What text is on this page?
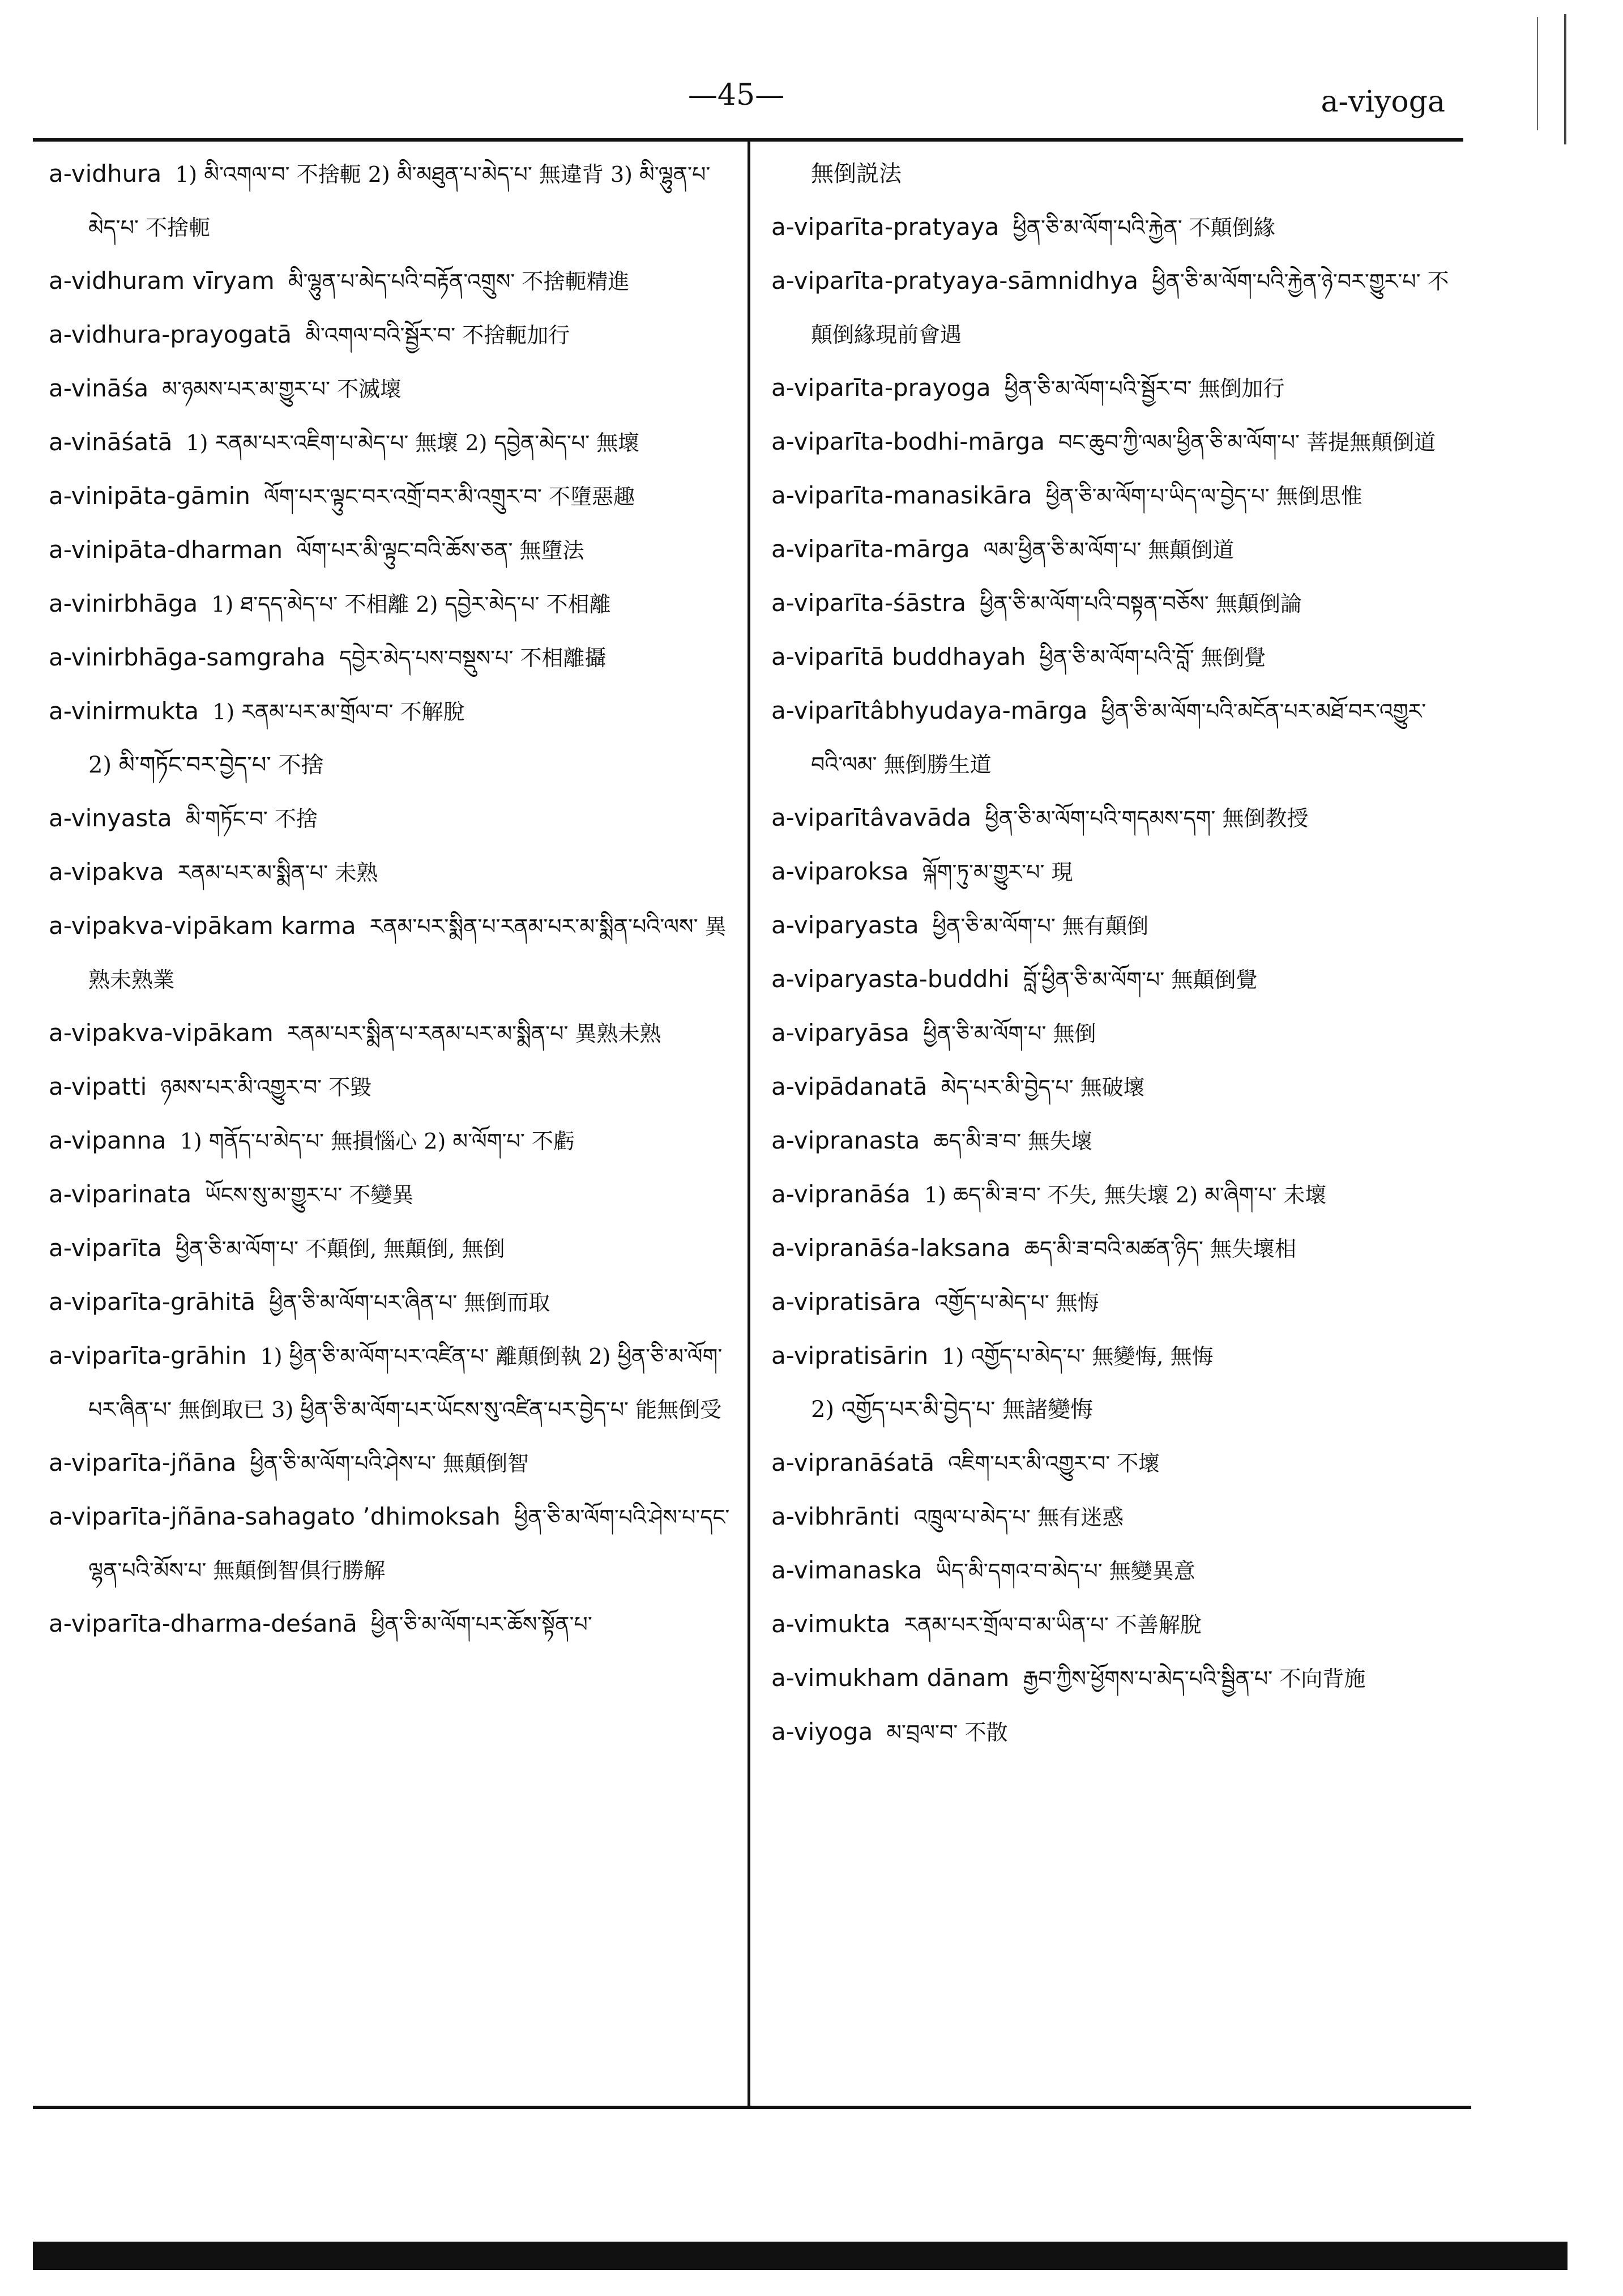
—45—	a-viyoga

a-vidhura 1) མི་འགལ་བ་ 不捨軛 2) མི་མཐུན་པ་མེད་པ་ 無違背 3) མི་ལྷུན་པ་མེད་པ་ 不捨軛

a-vidhuram vīryam མི་ལྷུན་པ་མེད་པའི་བརྟོན་འགྲུས་ 不捨軛精進

a-vidhura-prayogatā མི་འགལ་བའི་སྦྱོར་བ་ 不捨軛加行

a-vināśa མ་ཉམས་པར་མ་གྱུར་པ་ 不滅壞

a-vināśatā 1) རནམ་པར་འཇིག་པ་མེད་པ་ 無壞 2) དབྱེན་མེད་པ་ 無壞

a-vinipāta-gāmin ལོག་པར་ལྟུང་བར་འགྲོ་བར་མི་འགྲུར་བ་ 不墮惡趣

a-vinipāta-dharman ལོག་པར་མི་ལྟུང་བའི་ཆོས་ཅན་ 無墮法

a-vinirbhāga 1) ཐ་དད་མེད་པ་ 不相離 2) དབྱེར་མེད་པ་ 不相離

a-vinirbhāga-samgraha དབྱེར་མེད་པས་བསྡུས་པ་ 不相離攝

a-vinirmukta 1) རནམ་པར་མ་གྲོལ་བ་ 不解脫

2) མི་གཏོང་བར་བྱེད་པ་ 不捨

a-vinyasta མི་གཏོང་བ་ 不捨

a-vipakva རནམ་པར་མ་སྨིན་པ་ 未熟

a-vipakva-vipākam karma རནམ་པར་སྨིན་པ་རནམ་པར་མ་སྨིན་པའི་ལས་ 異熟未熟業

a-vipakva-vipākam རནམ་པར་སྨིན་པ་རནམ་པར་མ་སྨིན་པ་ 異熟未熟

a-vipatti ཉམས་པར་མི་འགྱུར་བ་ 不毀

a-vipanna 1) གནོད་པ་མེད་པ་ 無損惱心 2) མ་ལོག་པ་ 不虧

a-viparinata ཡོངས་སུ་མ་གྱུར་པ་ 不變異

a-viparīta ཕྱིན་ཅི་མ་ལོག་པ་ 不顛倒, 無顛倒, 無倒

a-viparīta-grāhitā ཕྱིན་ཅི་མ་ལོག་པར་ཞིན་པ་ 無倒而取

a-viparīta-grāhin 1) ཕྱིན་ཅི་མ་ལོག་པར་འཛིན་པ་ 離顛倒執 2) ཕྱིན་ཅི་མ་ལོག་པར་ཞིན་པ་ 無倒取已 3) ཕྱིན་ཅི་མ་ལོག་པར་ཡོངས་སུ་འཛིན་པར་བྱེད་པ་ 能無倒受

a-viparīta-jñāna ཕྱིན་ཅི་མ་ལོག་པའི་ཤེས་པ་ 無顛倒智

a-viparīta-jñāna-sahagato ’dhimoksah ཕྱིན་ཅི་མ་ལོག་པའི་ཤེས་པ་དང་ལྷན་པའི་མོས་པ་ 無顛倒智倶行勝解

a-viparīta-dharma-deśanā ཕྱིན་ཅི་མ་ལོག་པར་ཆོས་སྟོན་པ་

無倒説法

a-viparīta-pratyaya ཕྱིན་ཅི་མ་ལོག་པའི་རྐྱེན་ 不顛倒緣

a-viparīta-pratyaya-sāmnidhya ཕྱིན་ཅི་མ་ལོག་པའི་རྐྱེན་ཉེ་བར་གྱུར་པ་ 不顛倒緣現前會遇

a-viparīta-prayoga ཕྱིན་ཅི་མ་ལོག་པའི་སྦྱོར་བ་ 無倒加行

a-viparīta-bodhi-mārga བང་ཆུབ་ཀྱི་ལམ་ཕྱིན་ཅི་མ་ལོག་པ་ 菩提無顛倒道

a-viparīta-manasikāra ཕྱིན་ཅི་མ་ལོག་པ་ཡིད་ལ་བྱེད་པ་ 無倒思惟

a-viparīta-mārga ལམ་ཕྱིན་ཅི་མ་ལོག་པ་ 無顛倒道

a-viparīta-śāstra ཕྱིན་ཅི་མ་ལོག་པའི་བསྟན་བཅོས་ 無顛倒論

a-viparītā buddhayah ཕྱིན་ཅི་མ་ལོག་པའི་བློ་ 無倒覺

a-viparītâbhyudaya-mārga ཕྱིན་ཅི་མ་ལོག་པའི་མངོན་པར་མཐོ་བར་འགྱུར་བའི་ལམ་ 無倒勝生道

a-viparītâvavāda ཕྱིན་ཅི་མ་ལོག་པའི་གདམས་དག་ 無倒教授

a-viparoksa ལྐོག་ཏུ་མ་གྱུར་པ་ 現

a-viparyasta ཕྱིན་ཅི་མ་ལོག་པ་ 無有顛倒

a-viparyasta-buddhi བློ་ཕྱིན་ཅི་མ་ལོག་པ་ 無顛倒覺

a-viparyāsa ཕྱིན་ཅི་མ་ལོག་པ་ 無倒

a-vipādanatā མེད་པར་མི་བྱེད་པ་ 無破壞

a-vipranasta ཆད་མི་ཟ་བ་ 無失壞

a-vipranāśa 1) ཆད་མི་ཟ་བ་ 不失, 無失壞 2) མ་ཞིག་པ་ 未壞

a-vipranāśa-laksana ཆད་མི་ཟ་བའི་མཚན་ཉིད་ 無失壞相

a-vipratisāra འགྱོད་པ་མེད་པ་ 無悔

a-vipratisārin 1) འགྱོད་པ་མེད་པ་ 無變悔, 無悔

2) འགྱོད་པར་མི་བྱེད་པ་ 無諸變悔

a-vipranāśatā འཇིག་པར་མི་འགྱུར་བ་ 不壞

a-vibhrānti འཁྲུལ་པ་མེད་པ་ 無有迷惑

a-vimanaska ཡིད་མི་དགའ་བ་མེད་པ་ 無變異意

a-vimukta རནམ་པར་གྲོལ་བ་མ་ཡིན་པ་ 不善解脫

a-vimukham dānam རྒྱབ་ཀྱིས་ཕྱོགས་པ་མེད་པའི་སྦྱིན་པ་ 不向背施

a-viyoga མ་བྲལ་བ་ 不散
